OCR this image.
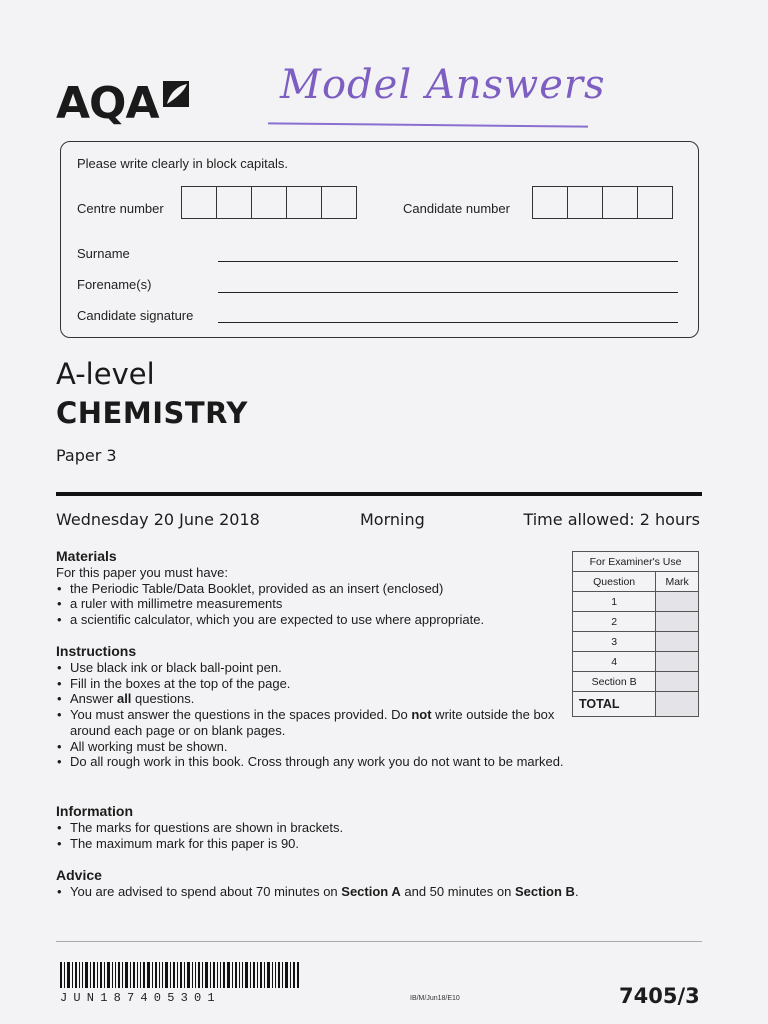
AQA	Model Answers
Please write clearly in block capitals.
Centre number	Candidate number
Surname
Forename(s)
Candidate signature
A-level
CHEMISTRY
Paper 3
Wednesday 20 June 2018	Morning	Time allowed: 2 hours
Materials
For this paper you must have:
• the Periodic Table/Data Booklet, provided as an insert (enclosed)
• a ruler with millimetre measurements
• a scientific calculator, which you are expected to use where appropriate.
Instructions
• Use black ink or black ball-point pen.
• Fill in the boxes at the top of the page.
• Answer all questions.
• You must answer the questions in the spaces provided. Do not write outside the box around each page or on blank pages.
• All working must be shown.
• Do all rough work in this book. Cross through any work you do not want to be marked.
Information
• The marks for questions are shown in brackets.
• The maximum mark for this paper is 90.
Advice
• You are advised to spend about 70 minutes on Section A and 50 minutes on Section B.
For Examiner's Use	
Question	Mark
1	
2	
3	
4	
Section B	
TOTAL	
JUN187405301	IB/M/Jun18/E10	7405/3
